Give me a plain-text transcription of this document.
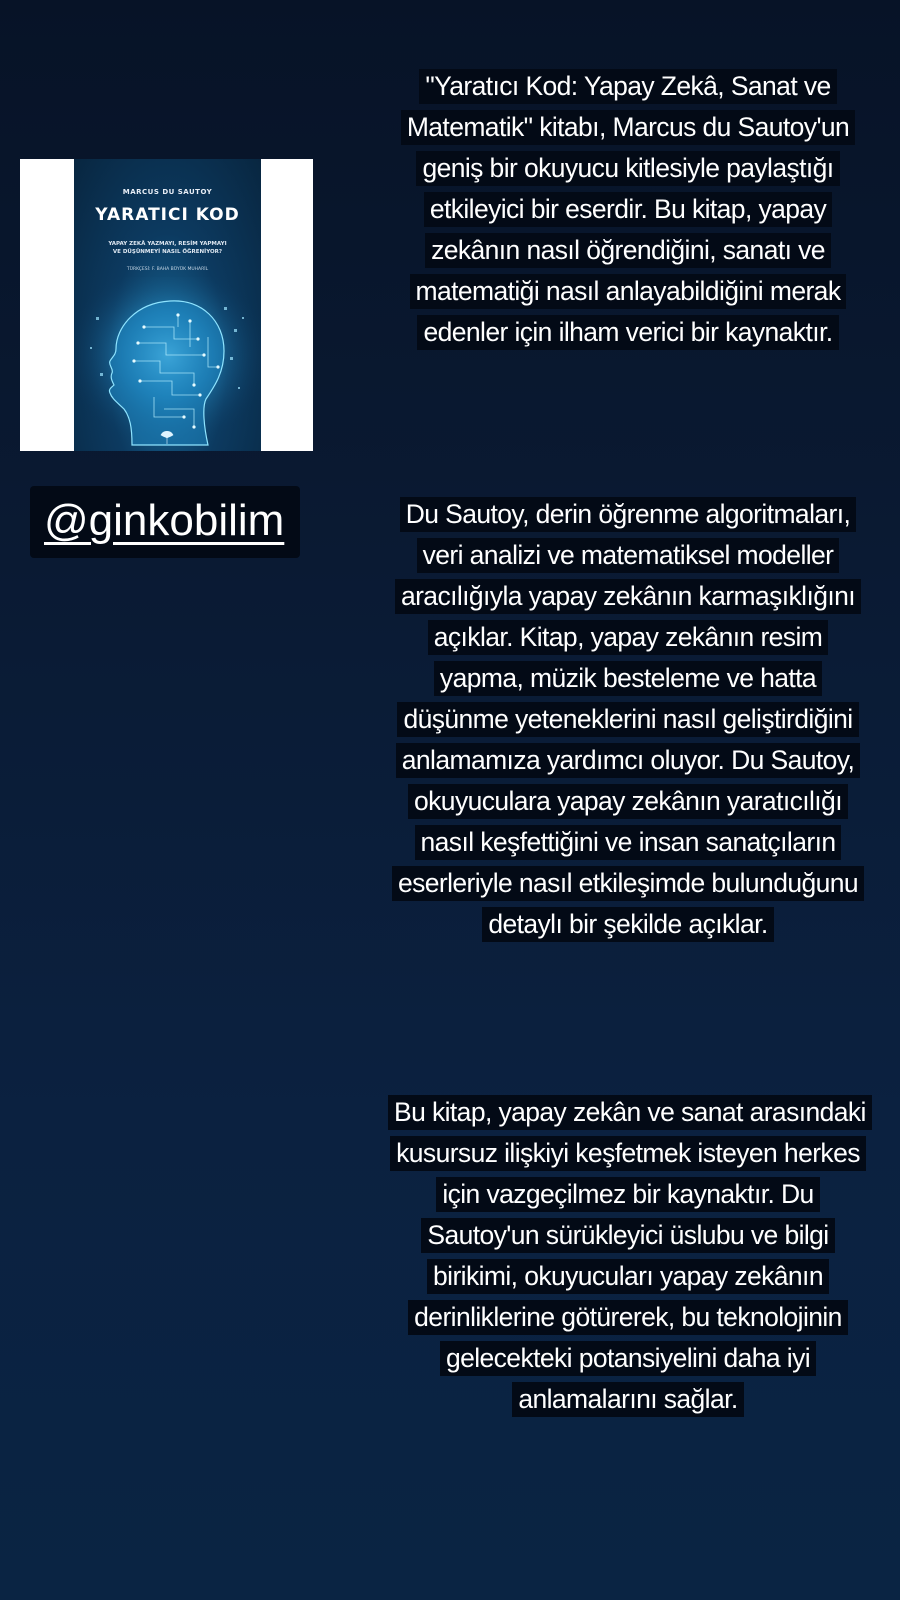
MARCUS DU SAUTOY
YARATICI KOD
YAPAY ZEKÂ YAZMAYI, RESİM YAPMAYI
VE DÜŞÜNMEYİ NASIL ÖĞRENİYOR?
TÜRKÇESİ: F. BAHA BÜYÜK MUHARİL
@ginkobilim

"Yaratıcı Kod: Yapay Zekâ, Sanat ve Matematik" kitabı, Marcus du Sautoy'un geniş bir okuyucu kitlesiyle paylaştığı etkileyici bir eserdir. Bu kitap, yapay zekânın nasıl öğrendiğini, sanatı ve matematiği nasıl anlayabildiğini merak edenler için ilham verici bir kaynaktır.

Du Sautoy, derin öğrenme algoritmaları, veri analizi ve matematiksel modeller aracılığıyla yapay zekânın karmaşıklığını açıklar. Kitap, yapay zekânın resim yapma, müzik besteleme ve hatta düşünme yeteneklerini nasıl geliştirdiğini anlamamıza yardımcı oluyor. Du Sautoy, okuyuculara yapay zekânın yaratıcılığı nasıl keşfettiğini ve insan sanatçıların eserleriyle nasıl etkileşimde bulunduğunu detaylı bir şekilde açıklar.

Bu kitap, yapay zekân ve sanat arasındaki kusursuz ilişkiyi keşfetmek isteyen herkes için vazgeçilmez bir kaynaktır. Du Sautoy'un sürükleyici üslubu ve bilgi birikimi, okuyucuları yapay zekânın derinliklerine götürerek, bu teknolojinin gelecekteki potansiyelini daha iyi anlamalarını sağlar.
